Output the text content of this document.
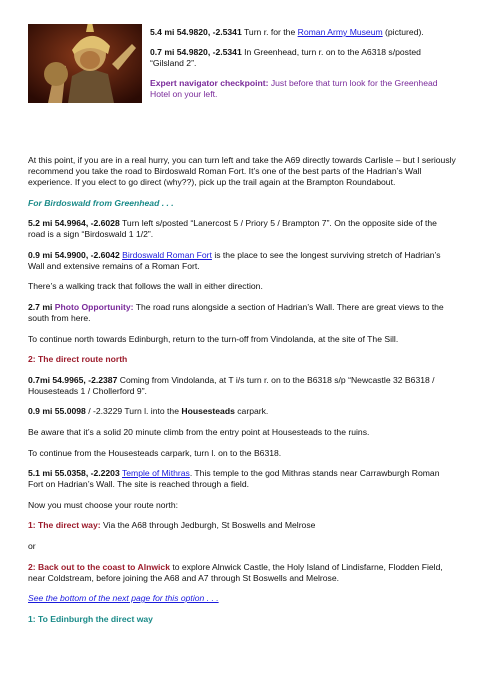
5.4 mi 54.9820, -2.5341 Turn r. for the Roman Army Museum (pictured).

0.7 mi 54.9820, -2.5341 In Greenhead, turn r. on to the A6318 s/posted “Gilsland 2”.

Expert navigator checkpoint: Just before that turn look for the Greenhead Hotel on your left.

At this point, if you are in a real hurry, you can turn left and take the A69 directly towards Carlisle – but I seriously recommend you take the road to Birdoswald Roman Fort. It’s one of the best parts of the Hadrian’s Wall experience. If you elect to go direct (why??), pick up the trail again at the Brampton Roundabout.

For Birdoswald from Greenhead . . .

5.2 mi 54.9964, -2.6028 Turn left s/posted “Lanercost 5 / Priory 5 / Brampton 7”. On the opposite side of the road is a sign “Birdoswald 1 1/2”.

0.9 mi 54.9900, -2.6042 Birdoswald Roman Fort is the place to see the longest surviving stretch of Hadrian’s Wall and extensive remains of a Roman Fort.

There’s a walking track that follows the wall in either direction.

2.7 mi Photo Opportunity: The road runs alongside a section of Hadrian’s Wall. There are great views to the south from here.

To continue north towards Edinburgh, return to the turn-off from Vindolanda, at the site of The Sill.

2: The direct route north

0.7mi 54.9965, -2.2387 Coming from Vindolanda, at T i/s turn r. on to the B6318 s/p “Newcastle 32 B6318 / Housesteads 1 / Chollerford 9”.

0.9 mi 55.0098 / -2.3229 Turn l. into the Housesteads carpark.

Be aware that it’s a solid 20 minute climb from the entry point at Housesteads to the ruins.

To continue from the Housesteads carpark, turn l. on to the B6318.

5.1 mi 55.0358, -2.2203 Temple of Mithras. This temple to the god Mithras stands near Carrawburgh Roman Fort on Hadrian’s Wall. The site is reached through a field.

Now you must choose your route north:

1: The direct way: Via the A68 through Jedburgh, St Boswells and Melrose

or

2: Back out to the coast to Alnwick to explore Alnwick Castle, the Holy Island of Lindisfarne, Flodden Field, near Coldstream, before joining the A68 and A7 through St Boswells and Melrose.

See the bottom of the next page for this option . . .

1: To Edinburgh the direct way
